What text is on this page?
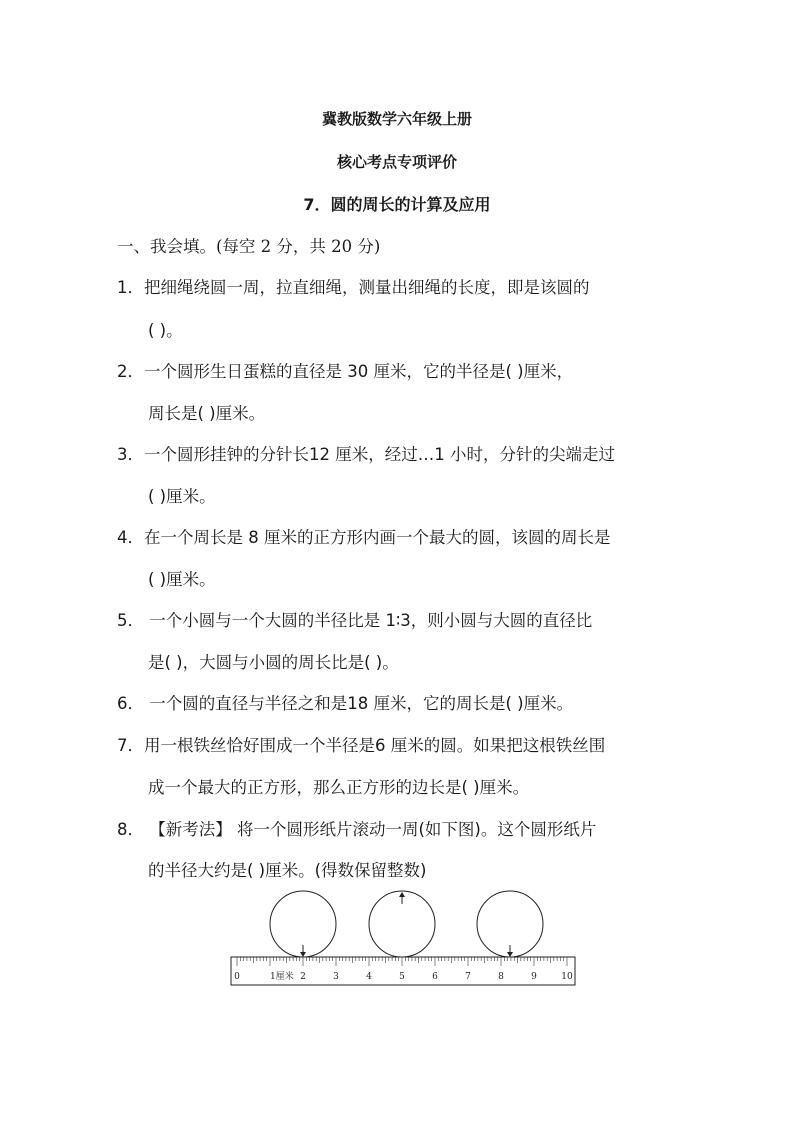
冀教版数学六年级上册
核心考点专项评价
7．圆的周长的计算及应用
一、我会填。(每空 2 分，共 20 分)
1．把细绳绕圆一周，拉直细绳，测量出细绳的长度，即是该圆的
( )。
2．一个圆形生日蛋糕的直径是 30 厘米，它的半径是( )厘米，
周长是( )厘米。
3．一个圆形挂钟的分针长12 厘米，经过…1 小时，分针的尖端走过
( )厘米。
4．在一个周长是 8 厘米的正方形内画一个最大的圆，该圆的周长是
( )厘米。
5． 一个小圆与一个大圆的半径比是 1∶3，则小圆与大圆的直径比
是( )，大圆与小圆的周长比是( )。
6． 一个圆的直径与半径之和是18 厘米，它的周长是( )厘米。
7．用一根铁丝恰好围成一个半径是6 厘米的圆。如果把这根铁丝围
成一个最大的正方形，那么正方形的边长是( )厘米。
8． 【新考法】 将一个圆形纸片滚动一周(如下图)。这个圆形纸片
的半径大约是( )厘米。(得数保留整数)
0	1厘米 2	3	4	5	6	7	8	9	10
